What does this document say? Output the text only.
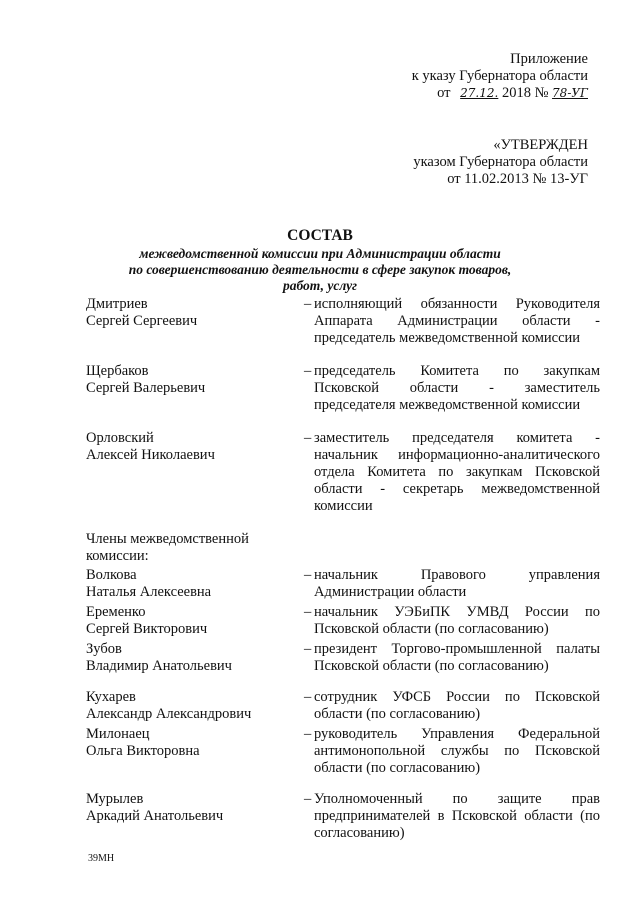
Приложение
к указу Губернатора области
от 27.12. 2018 № 78-УГ
«УТВЕРЖДЕН
указом Губернатора области
от 11.02.2013 № 13-УГ
СОСТАВ
межведомственной комиссии при Администрации области
по совершенствованию деятельности в сфере закупок товаров,
работ, услуг
Дмитриев
Сергей Сергеевич
– исполняющий обязанности Руководителя Аппарата Администрации области - председатель межведомственной комиссии
Щербаков
Сергей Валерьевич
– председатель Комитета по закупкам Псковской области - заместитель председателя межведомственной комиссии
Орловский
Алексей Николаевич
– заместитель председателя комитета - начальник информационно-аналитического отдела Комитета по закупкам Псковской области - секретарь межведомственной комиссии
Члены межведомственной
комиссии:
Волкова
Наталья Алексеевна
– начальник Правового управления Администрации области
Еременко
Сергей Викторович
– начальник УЭБиПК УМВД России по Псковской области (по согласованию)
Зубов
Владимир Анатольевич
– президент Торгово-промышленной палаты Псковской области (по согласованию)
Кухарев
Александр Александрович
– сотрудник УФСБ России по Псковской области (по согласованию)
Милонаец
Ольга Викторовна
– руководитель Управления Федеральной антимонопольной службы по Псковской области (по согласованию)
Мурылев
Аркадий Анатольевич
– Уполномоченный по защите прав предпринимателей в Псковской области (по согласованию)
39МН
